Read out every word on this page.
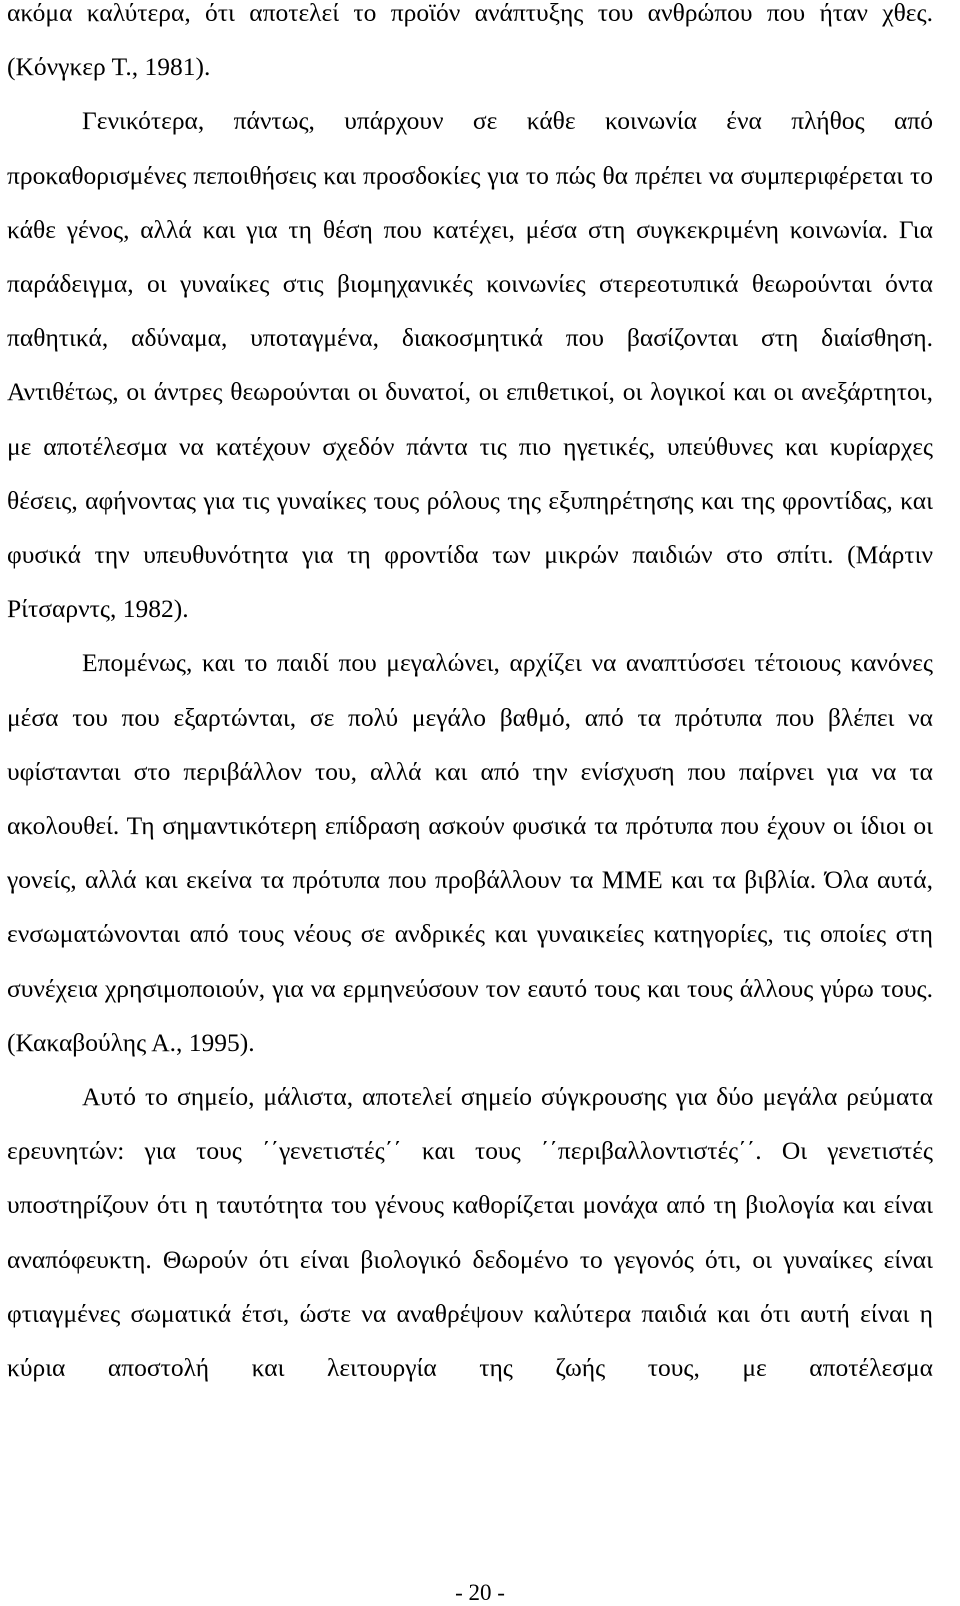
ακόμα καλύτερα, ότι αποτελεί το προϊόν ανάπτυξης του ανθρώπου που ήταν χθες. (Κόνγκερ Τ., 1981).

Γενικότερα, πάντως, υπάρχουν σε κάθε κοινωνία ένα πλήθος από προκαθορισμένες πεποιθήσεις και προσδοκίες για το πώς θα πρέπει να συμπεριφέρεται το κάθε γένος, αλλά και για τη θέση που κατέχει, μέσα στη συγκεκριμένη κοινωνία. Για παράδειγμα, οι γυναίκες στις βιομηχανικές κοινωνίες στερεοτυπικά θεωρούνται όντα παθητικά, αδύναμα, υποταγμένα, διακοσμητικά που βασίζονται στη διαίσθηση. Αντιθέτως, οι άντρες θεωρούνται οι δυνατοί, οι επιθετικοί, οι λογικοί και οι ανεξάρτητοι, με αποτέλεσμα να κατέχουν σχεδόν πάντα τις πιο ηγετικές, υπεύθυνες και κυρίαρχες θέσεις, αφήνοντας για τις γυναίκες τους ρόλους της εξυπηρέτησης και της φροντίδας, και φυσικά την υπευθυνότητα για τη φροντίδα των μικρών παιδιών στο σπίτι. (Μάρτιν Ρίτσαρντς, 1982).

Επομένως, και το παιδί που μεγαλώνει, αρχίζει να αναπτύσσει τέτοιους κανόνες μέσα του που εξαρτώνται, σε πολύ μεγάλο βαθμό, από τα πρότυπα που βλέπει να υφίστανται στο περιβάλλον του, αλλά και από την ενίσχυση που παίρνει για να τα ακολουθεί. Τη σημαντικότερη επίδραση ασκούν φυσικά τα πρότυπα που έχουν οι ίδιοι οι γονείς, αλλά και εκείνα τα πρότυπα που προβάλλουν τα ΜΜΕ και τα βιβλία. Όλα αυτά, ενσωματώνονται από τους νέους σε ανδρικές και γυναικείες κατηγορίες, τις οποίες στη συνέχεια χρησιμοποιούν, για να ερμηνεύσουν τον εαυτό τους και τους άλλους γύρω τους. (Κακαβούλης Α., 1995).

Αυτό το σημείο, μάλιστα, αποτελεί σημείο σύγκρουσης για δύο μεγάλα ρεύματα ερευνητών: για τους ΄΄γενετιστές΄΄ και τους ΄΄περιβαλλοντιστές΄΄. Οι γενετιστές υποστηρίζουν ότι η ταυτότητα του γένους καθορίζεται μονάχα από τη βιολογία και είναι αναπόφευκτη. Θωρούν ότι είναι βιολογικό δεδομένο το γεγονός ότι, οι γυναίκες είναι φτιαγμένες σωματικά έτσι, ώστε να αναθρέψουν καλύτερα παιδιά και ότι αυτή είναι η κύρια αποστολή και λειτουργία της ζωής τους, με αποτέλεσμα

- 20 -
